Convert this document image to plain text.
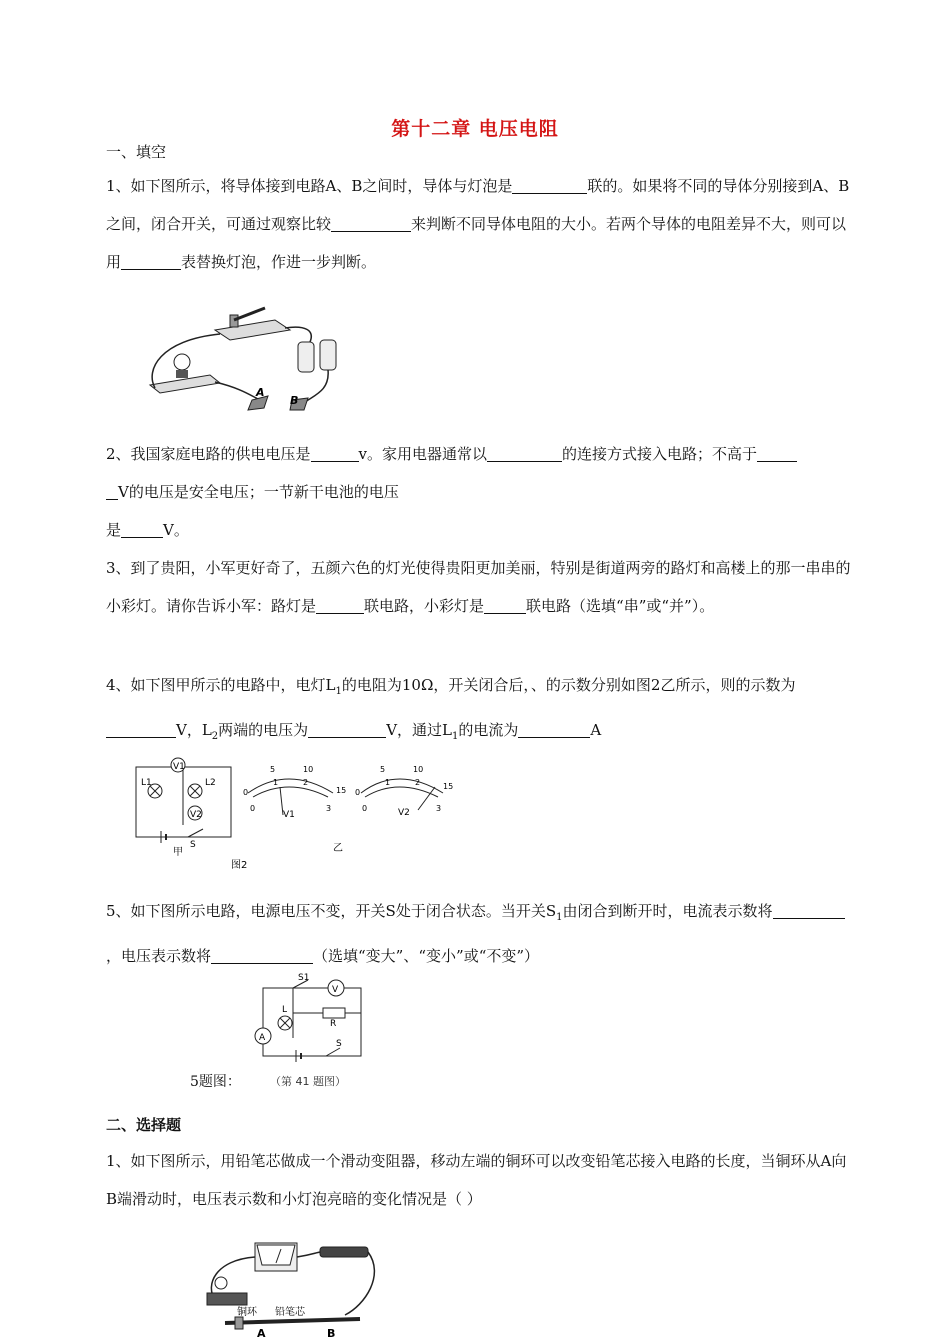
第十二章 电压电阻
一、填空

1、如下图所示，将导体接到电路A、B之间时，导体与灯泡是	联的。如果将不同的导体分别接到A、B之间，闭合开关，可通过观察比较	来判断不同导体电阻的大小。若两个导体的电阻差异不大，则可以用	表替换灯泡，作进一步判断。

A
B

2、我国家庭电路的供电电压是	v。家用电器通常以	的连接方式接入电路；不高于
V的电压是安全电压；一节新干电池的电压
是	V。

3、到了贵阳，小军更好奇了，五颜六色的灯光使得贵阳更加美丽，特别是街道两旁的路灯和高楼上的那一串串的小彩灯。请你告诉小军：路灯是	联电路，小彩灯是	联电路（选填“串”或“并”）。

4、如下图甲所示的电路中，电灯$L_1$的电阻为10Ω，开关闭合后，、的示数分别如图2乙所示，则的示数为V，$L_2$两端的电压为	V，通过$L_1$的电流为	A

V1
L1	L2
V2
甲
S
0	15
5	10
0
1	2
3
V1
0
15
5	10
0
1	2
3
V2
乙
图2

5、如下图所示电路，电源电压不变，开关S处于闭合状态。当开关$S_1$由闭合到断开时，电流表示数将，电压表示数将	（选填“变大”、“变小”或“不变”）

S1
V
L
R
A
S
5题图：	（第 41 题图）
二、选择题

1、如下图所示，用铅笔芯做成一个滑动变阻器，移动左端的铜环可以改变铅笔芯接入电路的长度，当铜环从A向B端滑动时，电压表示数和小灯泡亮暗的变化情况是（ ）

铜环 铅笔芯
A	B
